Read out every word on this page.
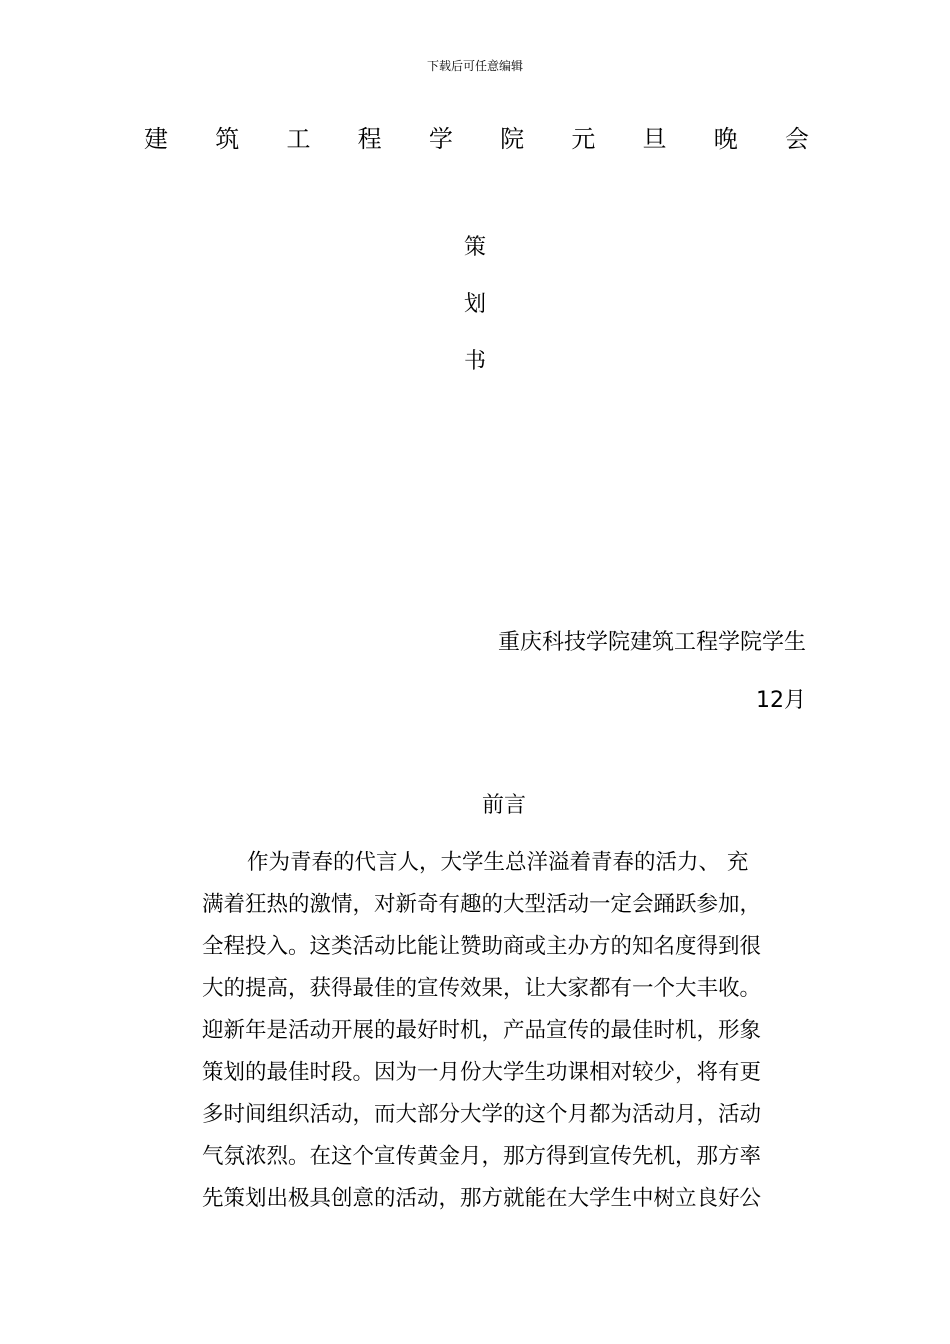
下载后可任意编辑
建 筑 工 程 学 院 元 旦 晚 会
策
划
书
重庆科技学院建筑工程学院学生
12月
前言
作为青春的代言人，大学生总洋溢着青春的活力、 充
满着狂热的激情，对新奇有趣的大型活动一定会踊跃参加，
全程投入。这类活动比能让赞助商或主办方的知名度得到很
大的提高，获得最佳的宣传效果，让大家都有一个大丰收。
迎新年是活动开展的最好时机，产品宣传的最佳时机，形象
策划的最佳时段。因为一月份大学生功课相对较少，将有更
多时间组织活动，而大部分大学的这个月都为活动月，活动
气氛浓烈。在这个宣传黄金月，那方得到宣传先机，那方率
先策划出极具创意的活动，那方就能在大学生中树立良好公
